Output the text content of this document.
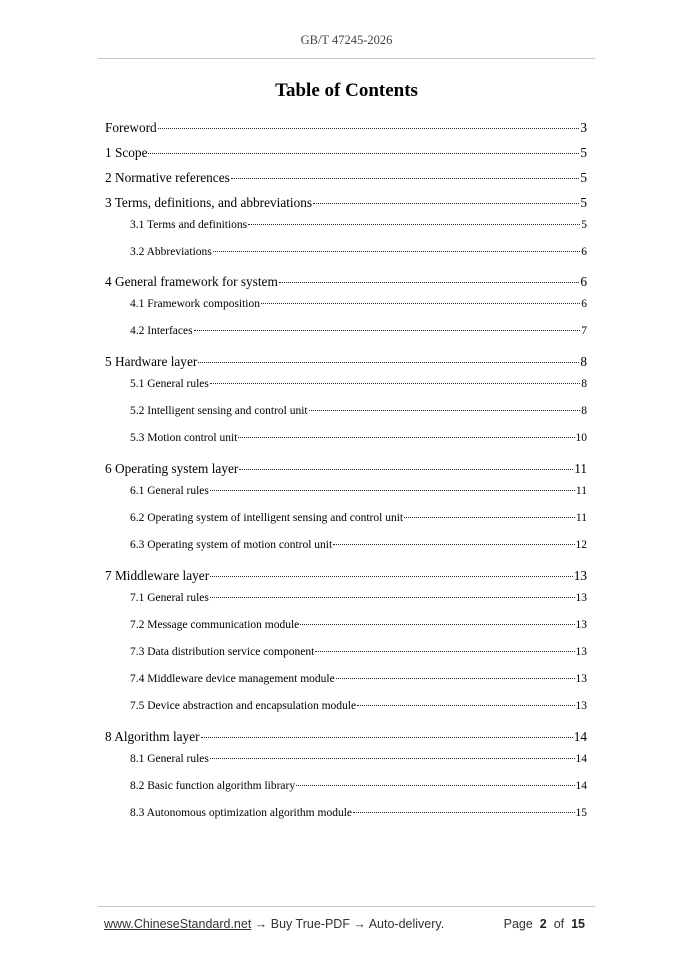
GB/T 47245-2026
Table of Contents
Foreword	3
1 Scope	5
2 Normative references	5
3 Terms, definitions, and abbreviations	5
3.1 Terms and definitions	5
3.2 Abbreviations	6
4 General framework for system	6
4.1 Framework composition	6
4.2 Interfaces	7
5 Hardware layer	8
5.1 General rules	8
5.2 Intelligent sensing and control unit	8
5.3 Motion control unit	10
6 Operating system layer	11
6.1 General rules	11
6.2 Operating system of intelligent sensing and control unit	11
6.3 Operating system of motion control unit	12
7 Middleware layer	13
7.1 General rules	13
7.2 Message communication module	13
7.3 Data distribution service component	13
7.4 Middleware device management module	13
7.5 Device abstraction and encapsulation module	13
8 Algorithm layer	14
8.1 General rules	14
8.2 Basic function algorithm library	14
8.3 Autonomous optimization algorithm module	15
www.ChineseStandard.net → Buy True-PDF → Auto-delivery.	Page 2 of 15
